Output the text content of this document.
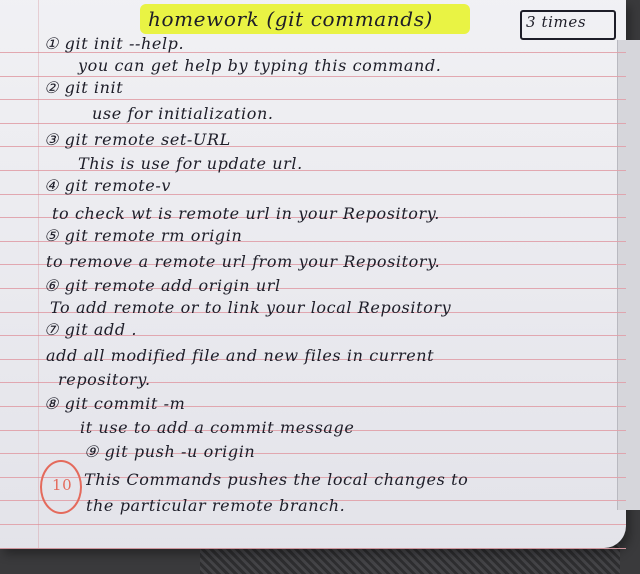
homework (git commands)	3 times
10
① git init --help.
you can get help by typing this command.
② git init
use for initialization.
③ git remote set-URL
This is use for update url.
④ git remote-v
to check wt is remote url in your Repository.
⑤ git remote rm origin
to remove a remote url from your Repository.
⑥ git remote add origin url
To add remote or to link your local Repository
⑦ git add .
add all modified file and new files in current
repository.
⑧ git commit -m
it use to add a commit message
⑨ git push -u origin
This Commands pushes the local changes to
the particular remote branch.
